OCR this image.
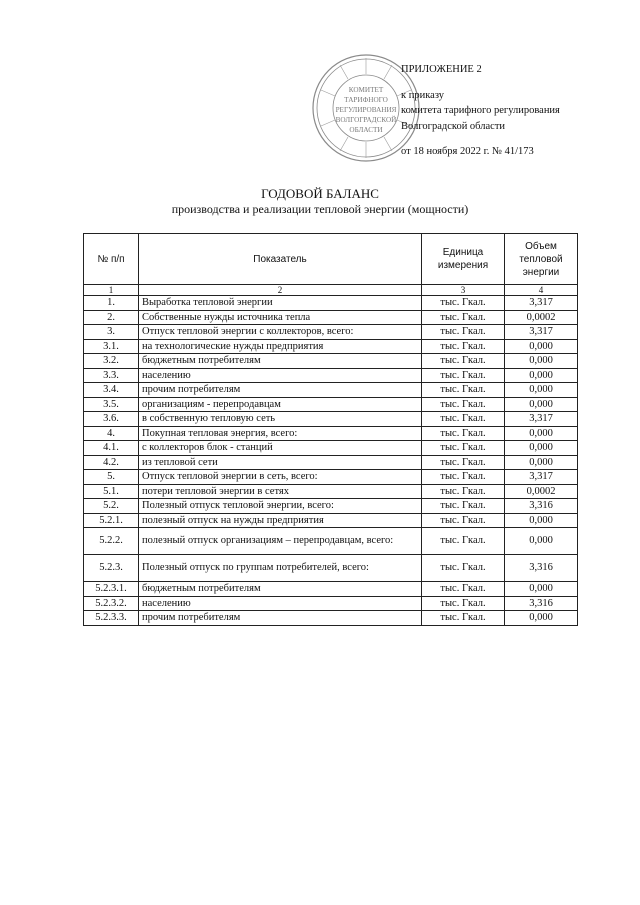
КОМИТЕТ
ТАРИФНОГО
РЕГУЛИРОВАНИЯ
ВОЛГОГРАДСКОЙ
ОБЛАСТИ
ПРИЛОЖЕНИЕ 2
к приказу
комитета тарифного регулирования
Волгоградской области
от 18 ноября 2022 г. № 41/173
ГОДОВОЙ БАЛАНС
производства и реализации тепловой энергии (мощности)
№ п/п	Показатель	Единица измерения	Объем тепловой энергии
1	2	3	4
1.	Выработка тепловой энергии	тыс. Гкал.	3,317
2.	Собственные нужды источника тепла	тыс. Гкал.	0,0002
3.	Отпуск тепловой энергии с коллекторов, всего:	тыс. Гкал.	3,317
3.1.	на технологические нужды предприятия	тыс. Гкал.	0,000
3.2.	бюджетным потребителям	тыс. Гкал.	0,000
3.3.	населению	тыс. Гкал.	0,000
3.4.	прочим потребителям	тыс. Гкал.	0,000
3.5.	организациям - перепродавцам	тыс. Гкал.	0,000
3.6.	в собственную тепловую сеть	тыс. Гкал.	3,317
4.	Покупная тепловая энергия, всего:	тыс. Гкал.	0,000
4.1.	с коллекторов блок - станций	тыс. Гкал.	0,000
4.2.	из тепловой сети	тыс. Гкал.	0,000
5.	Отпуск тепловой энергии в сеть, всего:	тыс. Гкал.	3,317
5.1.	потери тепловой энергии в сетях	тыс. Гкал.	0,0002
5.2.	Полезный отпуск тепловой энергии, всего:	тыс. Гкал.	3,316
5.2.1.	полезный отпуск на нужды предприятия	тыс. Гкал.	0,000
5.2.2.	полезный отпуск организациям – перепродавцам, всего:	тыс. Гкал.	0,000
5.2.3.	Полезный отпуск по группам потребителей, всего:	тыс. Гкал.	3,316
5.2.3.1.	бюджетным потребителям	тыс. Гкал.	0,000
5.2.3.2.	населению	тыс. Гкал.	3,316
5.2.3.3.	прочим потребителям	тыс. Гкал.	0,000
